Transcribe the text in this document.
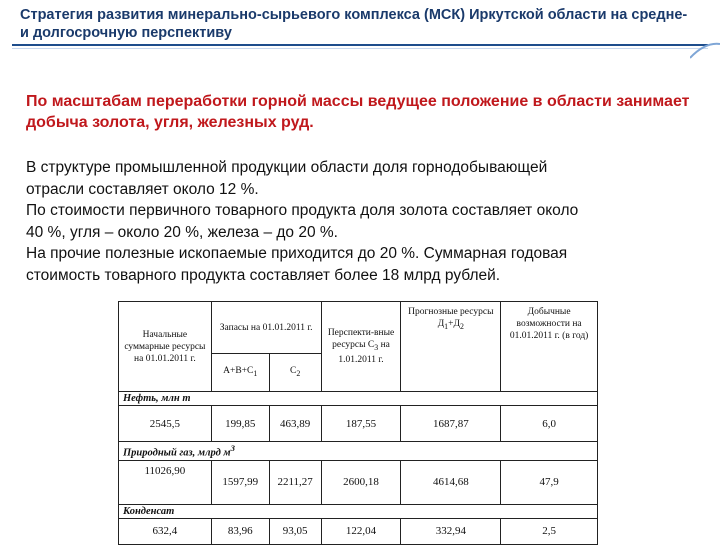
Стратегия развития минерально-сырьевого комплекса (МСК) Иркутской области на средне- и долгосрочную перспективу
По масштабам переработки горной массы ведущее положение в области занимает добыча золота, угля, железных руд.
В структуре промышленной продукции области доля горнодобывающей
отрасли составляет около 12 %.
По стоимости первичного товарного продукта доля золота составляет около
40 %, угля – около 20 %, железа – до 20 %.
На прочие полезные ископаемые приходится до 20 %. Суммарная годовая
стоимость товарного продукта составляет более 18 млрд рублей.
Начальные суммарные ресурсы на 01.01.2011 г.	Запасы на 01.01.2011 г.		Перспекти-вные ресурсы $С_3$ на 1.01.2011 г.	Прогнозные ресурсы $Д_1+Д_2$	Добычные возможности на 01.01.2011 г. (в год)
	$А+В+С_1$	$С_2$
Нефть, млн т					
2545,5	199,85	463,89	187,55	1687,87	6,0
Природный газ, млрд $м^3$
11026,90	1597,99	2211,27	2600,18	4614,68	47,9
Конденсат					
632,4	83,96	93,05	122,04	332,94	2,5
